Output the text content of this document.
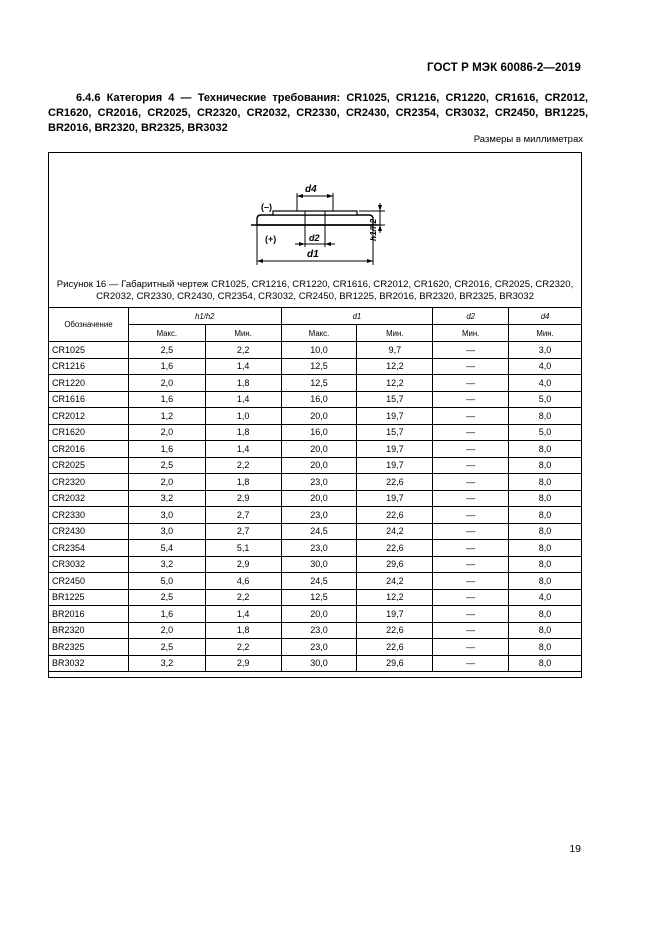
ГОСТ Р МЭК 60086-2—2019
6.4.6 Категория 4 — Технические требования: CR1025, CR1216, CR1220, CR1616, CR2012, CR1620, CR2016, CR2025, CR2320, CR2032, CR2330, CR2430, CR2354, CR3032, CR2450, BR1225, BR2016, BR2320, BR2325, BR3032
Размеры в миллиметрах
d4
(–)
(+)	d2
d1
h1/h2
Рисунок 16 — Габаритный чертеж CR1025, CR1216, CR1220, CR1616, CR2012, CR1620, CR2016, CR2025, CR2320, CR2032, CR2330, CR2430, CR2354, CR3032, CR2450, BR1225, BR2016, BR2320, BR2325, BR3032
Обозначение	h1/h2		d1		d2	d4
	Макс.	Мин.	Макс.	Мин.	Мин.	Мин.
CR1025	2,5	2,2	10,0	9,7	—	3,0
CR1216	1,6	1,4	12,5	12,2	—	4,0
CR1220	2,0	1,8	12,5	12,2	—	4,0
CR1616	1,6	1,4	16,0	15,7	—	5,0
CR2012	1,2	1,0	20,0	19,7	—	8,0
CR1620	2,0	1,8	16,0	15,7	—	5,0
CR2016	1,6	1,4	20,0	19,7	—	8,0
CR2025	2,5	2,2	20,0	19,7	—	8,0
CR2320	2,0	1,8	23,0	22,6	—	8,0
CR2032	3,2	2,9	20,0	19,7	—	8,0
CR2330	3,0	2,7	23,0	22,6	—	8,0
CR2430	3,0	2,7	24,5	24,2	—	8,0
CR2354	5,4	5,1	23,0	22,6	—	8,0
CR3032	3,2	2,9	30,0	29,6	—	8,0
CR2450	5,0	4,6	24,5	24,2	—	8,0
BR1225	2,5	2,2	12,5	12,2	—	4,0
BR2016	1,6	1,4	20,0	19,7	—	8,0
BR2320	2,0	1,8	23,0	22,6	—	8,0
BR2325	2,5	2,2	23,0	22,6	—	8,0
BR3032	3,2	2,9	30,0	29,6	—	8,0
19
